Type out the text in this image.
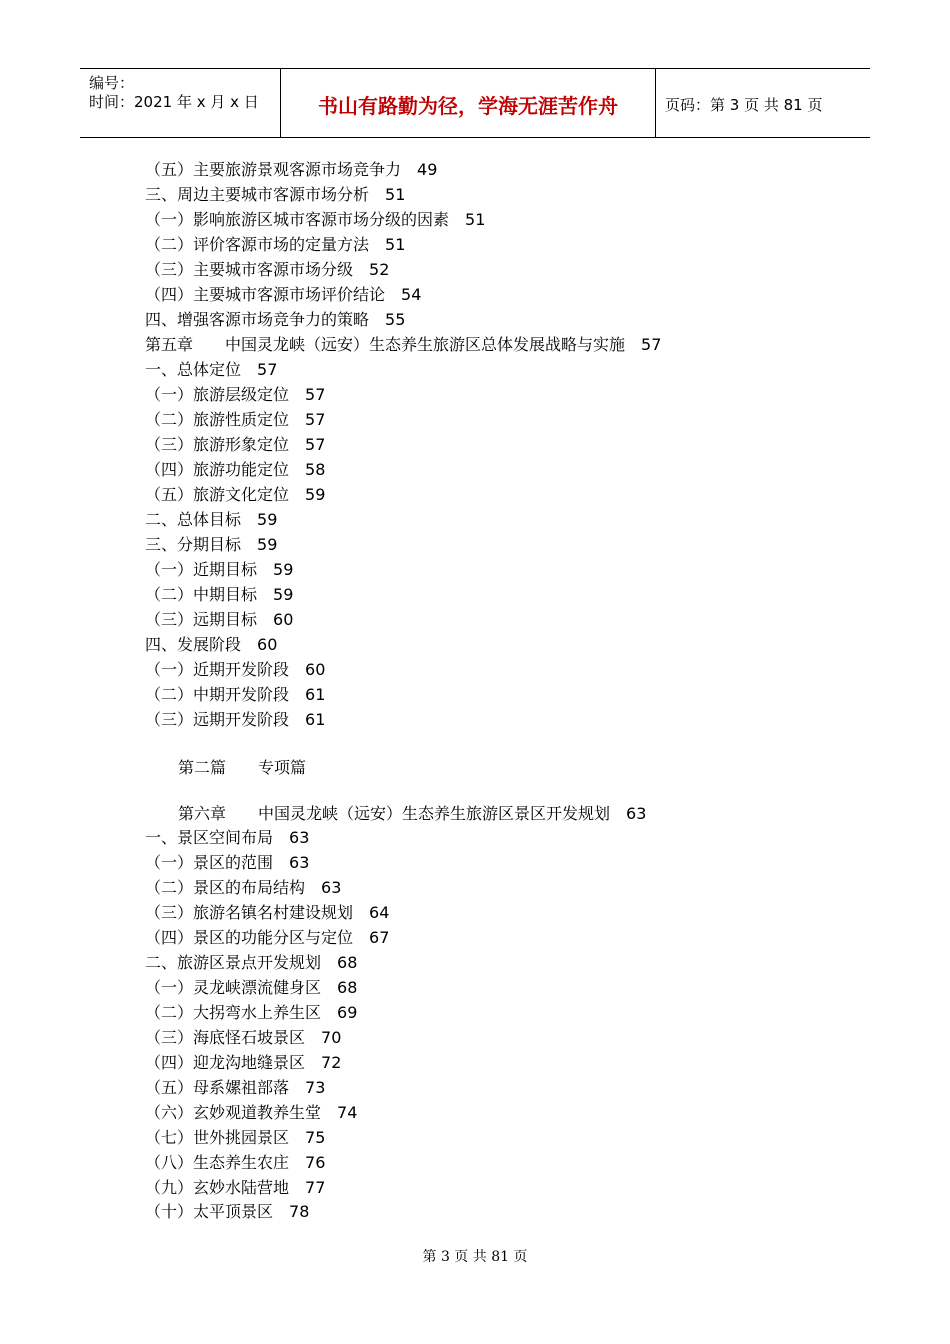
编号：
时间：2021 年 x 月 x 日	书山有路勤为径，学海无涯苦作舟	页码：第 3 页 共 81 页
（五）主要旅游景观客源市场竞争力 49
三、周边主要城市客源市场分析 51
（一）影响旅游区城市客源市场分级的因素 51
（二）评价客源市场的定量方法 51
（三）主要城市客源市场分级 52
（四）主要城市客源市场评价结论 54
四、增强客源市场竞争力的策略 55
第五章　　中国灵龙峡（远安）生态养生旅游区总体发展战略与实施 57
一、总体定位 57
（一）旅游层级定位 57
（二）旅游性质定位 57
（三）旅游形象定位 57
（四）旅游功能定位 58
（五）旅游文化定位 59
二、总体目标 59
三、分期目标 59
（一）近期目标 59
（二）中期目标 59
（三）远期目标 60
四、发展阶段 60
（一）近期开发阶段 60
（二）中期开发阶段 61
（三）远期开发阶段 61
第二篇　　专项篇
第六章　　中国灵龙峡（远安）生态养生旅游区景区开发规划 63
一、景区空间布局 63
（一）景区的范围 63
（二）景区的布局结构 63
（三）旅游名镇名村建设规划 64
（四）景区的功能分区与定位 67
二、旅游区景点开发规划 68
（一）灵龙峡漂流健身区 68
（二）大拐弯水上养生区 69
（三）海底怪石坡景区 70
（四）迎龙沟地缝景区 72
（五）母系嫘祖部落 73
（六）玄妙观道教养生堂 74
（七）世外挑园景区 75
（八）生态养生农庄 76
（九）玄妙水陆营地 77
（十）太平顶景区 78
第 3 页 共 81 页
